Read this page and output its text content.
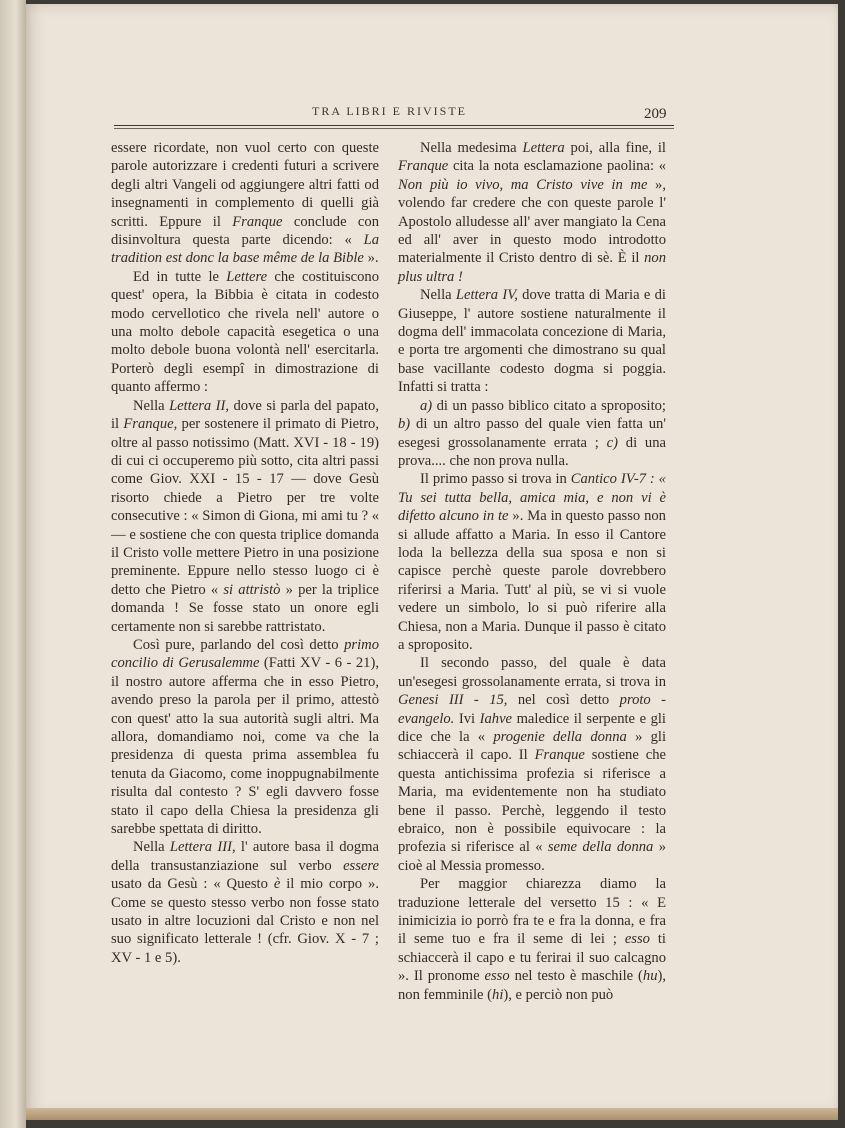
TRA LIBRI E RIVISTE	209

essere ricordate, non vuol certo con queste parole autorizzare i credenti futuri a scrivere degli altri Vangeli od aggiungere altri fatti od insegnamenti in complemento di quelli già scritti. Eppure il Franque conclude con disinvoltura questa parte dicendo: « La tradition est donc la base même de la Bible ».

Ed in tutte le Lettere che costituiscono quest' opera, la Bibbia è citata in codesto modo cervellotico che rivela nell' autore o una molto debole capacità esegetica o una molto debole buona volontà nell' esercitarla. Porterò degli esempî in dimostrazione di quanto affermo :

Nella Lettera II, dove si parla del papato, il Franque, per sostenere il primato di Pietro, oltre al passo notissimo (Matt. XVI - 18 - 19) di cui ci occuperemo più sotto, cita altri passi come Giov. XXI - 15 - 17 — dove Gesù risorto chiede a Pietro per tre volte consecutive : « Simon di Giona, mi ami tu ? « — e sostiene che con questa triplice domanda il Cristo volle mettere Pietro in una posizione preminente. Eppure nello stesso luogo ci è detto che Pietro « si attristò » per la triplice domanda ! Se fosse stato un onore egli certamente non si sarebbe rattristato.

Così pure, parlando del così detto primo concilio di Gerusalemme (Fatti XV - 6 - 21), il nostro autore afferma che in esso Pietro, avendo preso la parola per il primo, attestò con quest' atto la sua autorità sugli altri. Ma allora, domandiamo noi, come va che la presidenza di questa prima assemblea fu tenuta da Giacomo, come inoppugnabilmente risulta dal contesto ? S' egli davvero fosse stato il capo della Chiesa la presidenza gli sarebbe spettata di diritto.

Nella Lettera III, l' autore basa il dogma della transustanziazione sul verbo essere usato da Gesù : « Questo è il mio corpo ». Come se questo stesso verbo non fosse stato usato in altre locuzioni dal Cristo e non nel suo significato letterale ! (cfr. Giov. X - 7 ; XV - 1 e 5).

Nella medesima Lettera poi, alla fine, il Franque cita la nota esclamazione paolina: « Non più io vivo, ma Cristo vive in me », volendo far credere che con queste parole l' Apostolo alludesse all' aver mangiato la Cena ed all' aver in questo modo introdotto materialmente il Cristo dentro di sè. È il non plus ultra !

Nella Lettera IV, dove tratta di Maria e di Giuseppe, l' autore sostiene naturalmente il dogma dell' immacolata concezione di Maria, e porta tre argomenti che dimostrano su qual base vacillante codesto dogma si poggia. Infatti si tratta :

a) di un passo biblico citato a sproposito; b) di un altro passo del quale vien fatta un' esegesi grossolanamente errata ; c) di una prova.... che non prova nulla.

Il primo passo si trova in Cantico IV-7 : « Tu sei tutta bella, amica mia, e non vi è difetto alcuno in te ». Ma in questo passo non si allude affatto a Maria. In esso il Cantore loda la bellezza della sua sposa e non si capisce perchè queste parole dovrebbero riferirsi a Maria. Tutt' al più, se vi si vuole vedere un simbolo, lo si può riferire alla Chiesa, non a Maria. Dunque il passo è citato a sproposito.

Il secondo passo, del quale è data un'esegesi grossolanamente errata, si trova in Genesi III - 15, nel così detto proto - evangelo. Ivi Iahve maledice il serpente e gli dice che la « progenie della donna » gli schiaccerà il capo. Il Franque sostiene che questa antichissima profezia si riferisce a Maria, ma evidentemente non ha studiato bene il passo. Perchè, leggendo il testo ebraico, non è possibile equivocare : la profezia si riferisce al « seme della donna » cioè al Messia promesso.

Per maggior chiarezza diamo la traduzione letterale del versetto 15 : « E inimicizia io porrò fra te e fra la donna, e fra il seme tuo e fra il seme di lei ; esso ti schiaccerà il capo e tu ferirai il suo calcagno ». Il pronome esso nel testo è maschile (hu), non femminile (hi), e perciò non può
